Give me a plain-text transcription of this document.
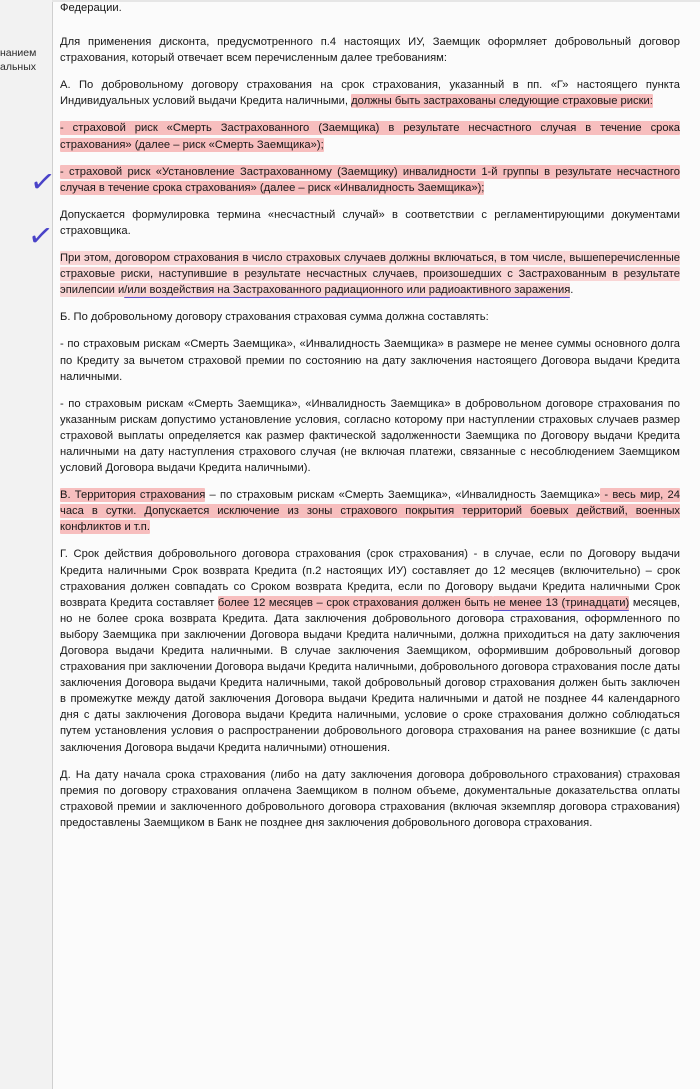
нанием
альных
✓
✓

Федерации.

Для применения дисконта, предусмотренного п.4 настоящих ИУ, Заемщик оформляет добровольный договор страхования, который отвечает всем перечисленным далее требованиям:

А. По добровольному договору страхования на срок страхования, указанный в пп. «Г» настоящего пункта Индивидуальных условий выдачи Кредита наличными, должны быть застрахованы следующие страховые риски:

- страховой риск «Смерть Застрахованного (Заемщика) в результате несчастного случая в течение срока страхования» (далее – риск «Смерть Заемщика»);

- страховой риск «Установление Застрахованному (Заемщику) инвалидности 1-й группы в результате несчастного случая в течение срока страхования» (далее – риск «Инвалидность Заемщика»);

Допускается формулировка термина «несчастный случай» в соответствии с регламентирующими документами страховщика.

При этом, договором страхования в число страховых случаев должны включаться, в том числе, вышеперечисленные страховые риски, наступившие в результате несчастных случаев, произошедших с Застрахованным в результате эпилепсии и/или воздействия на Застрахованного радиационного или радиоактивного заражения.

Б. По добровольному договору страхования страховая сумма должна составлять:

- по страховым рискам «Смерть Заемщика», «Инвалидность Заемщика» в размере не менее суммы основного долга по Кредиту за вычетом страховой премии по состоянию на дату заключения настоящего Договора выдачи Кредита наличными.

- по страховым рискам «Смерть Заемщика», «Инвалидность Заемщика» в добровольном договоре страхования по указанным рискам допустимо установление условия, согласно которому при наступлении страховых случаев размер страховой выплаты определяется как размер фактической задолженности Заемщика по Договору выдачи Кредита наличными на дату наступления страхового случая (не включая платежи, связанные с несоблюдением Заемщиком условий Договора выдачи Кредита наличными).

В. Территория страхования – по страховым рискам «Смерть Заемщика», «Инвалидность Заемщика» - весь мир, 24 часа в сутки. Допускается исключение из зоны страхового покрытия территорий боевых действий, военных конфликтов и т.п.

Г. Срок действия добровольного договора страхования (срок страхования) - в случае, если по Договору выдачи Кредита наличными Срок возврата Кредита (п.2 настоящих ИУ) составляет до 12 месяцев (включительно) – срок страхования должен совпадать со Сроком возврата Кредита, если по Договору выдачи Кредита наличными Срок возврата Кредита составляет более 12 месяцев – срок страхования должен быть не менее 13 (тринадцати) месяцев, но не более срока возврата Кредита. Дата заключения добровольного договора страхования, оформленного по выбору Заемщика при заключении Договора выдачи Кредита наличными, должна приходиться на дату заключения Договора выдачи Кредита наличными. В случае заключения Заемщиком, оформившим добровольный договор страхования при заключении Договора выдачи Кредита наличными, добровольного договора страхования после даты заключения Договора выдачи Кредита наличными, такой добровольный договор страхования должен быть заключен в промежутке между датой заключения Договора выдачи Кредита наличными и датой не позднее 44 календарного дня с даты заключения Договора выдачи Кредита наличными, условие о сроке страхования должно соблюдаться путем установления условия о распространении добровольного договора страхования на ранее возникшие (с даты заключения Договора выдачи Кредита наличными) отношения.

Д. На дату начала срока страхования (либо на дату заключения договора добровольного страхования) страховая премия по договору страхования оплачена Заемщиком в полном объеме, документальные доказательства оплаты страховой премии и заключенного добровольного договора страхования (включая экземпляр договора страхования) предоставлены Заемщиком в Банк не позднее дня заключения добровольного договора страхования.
